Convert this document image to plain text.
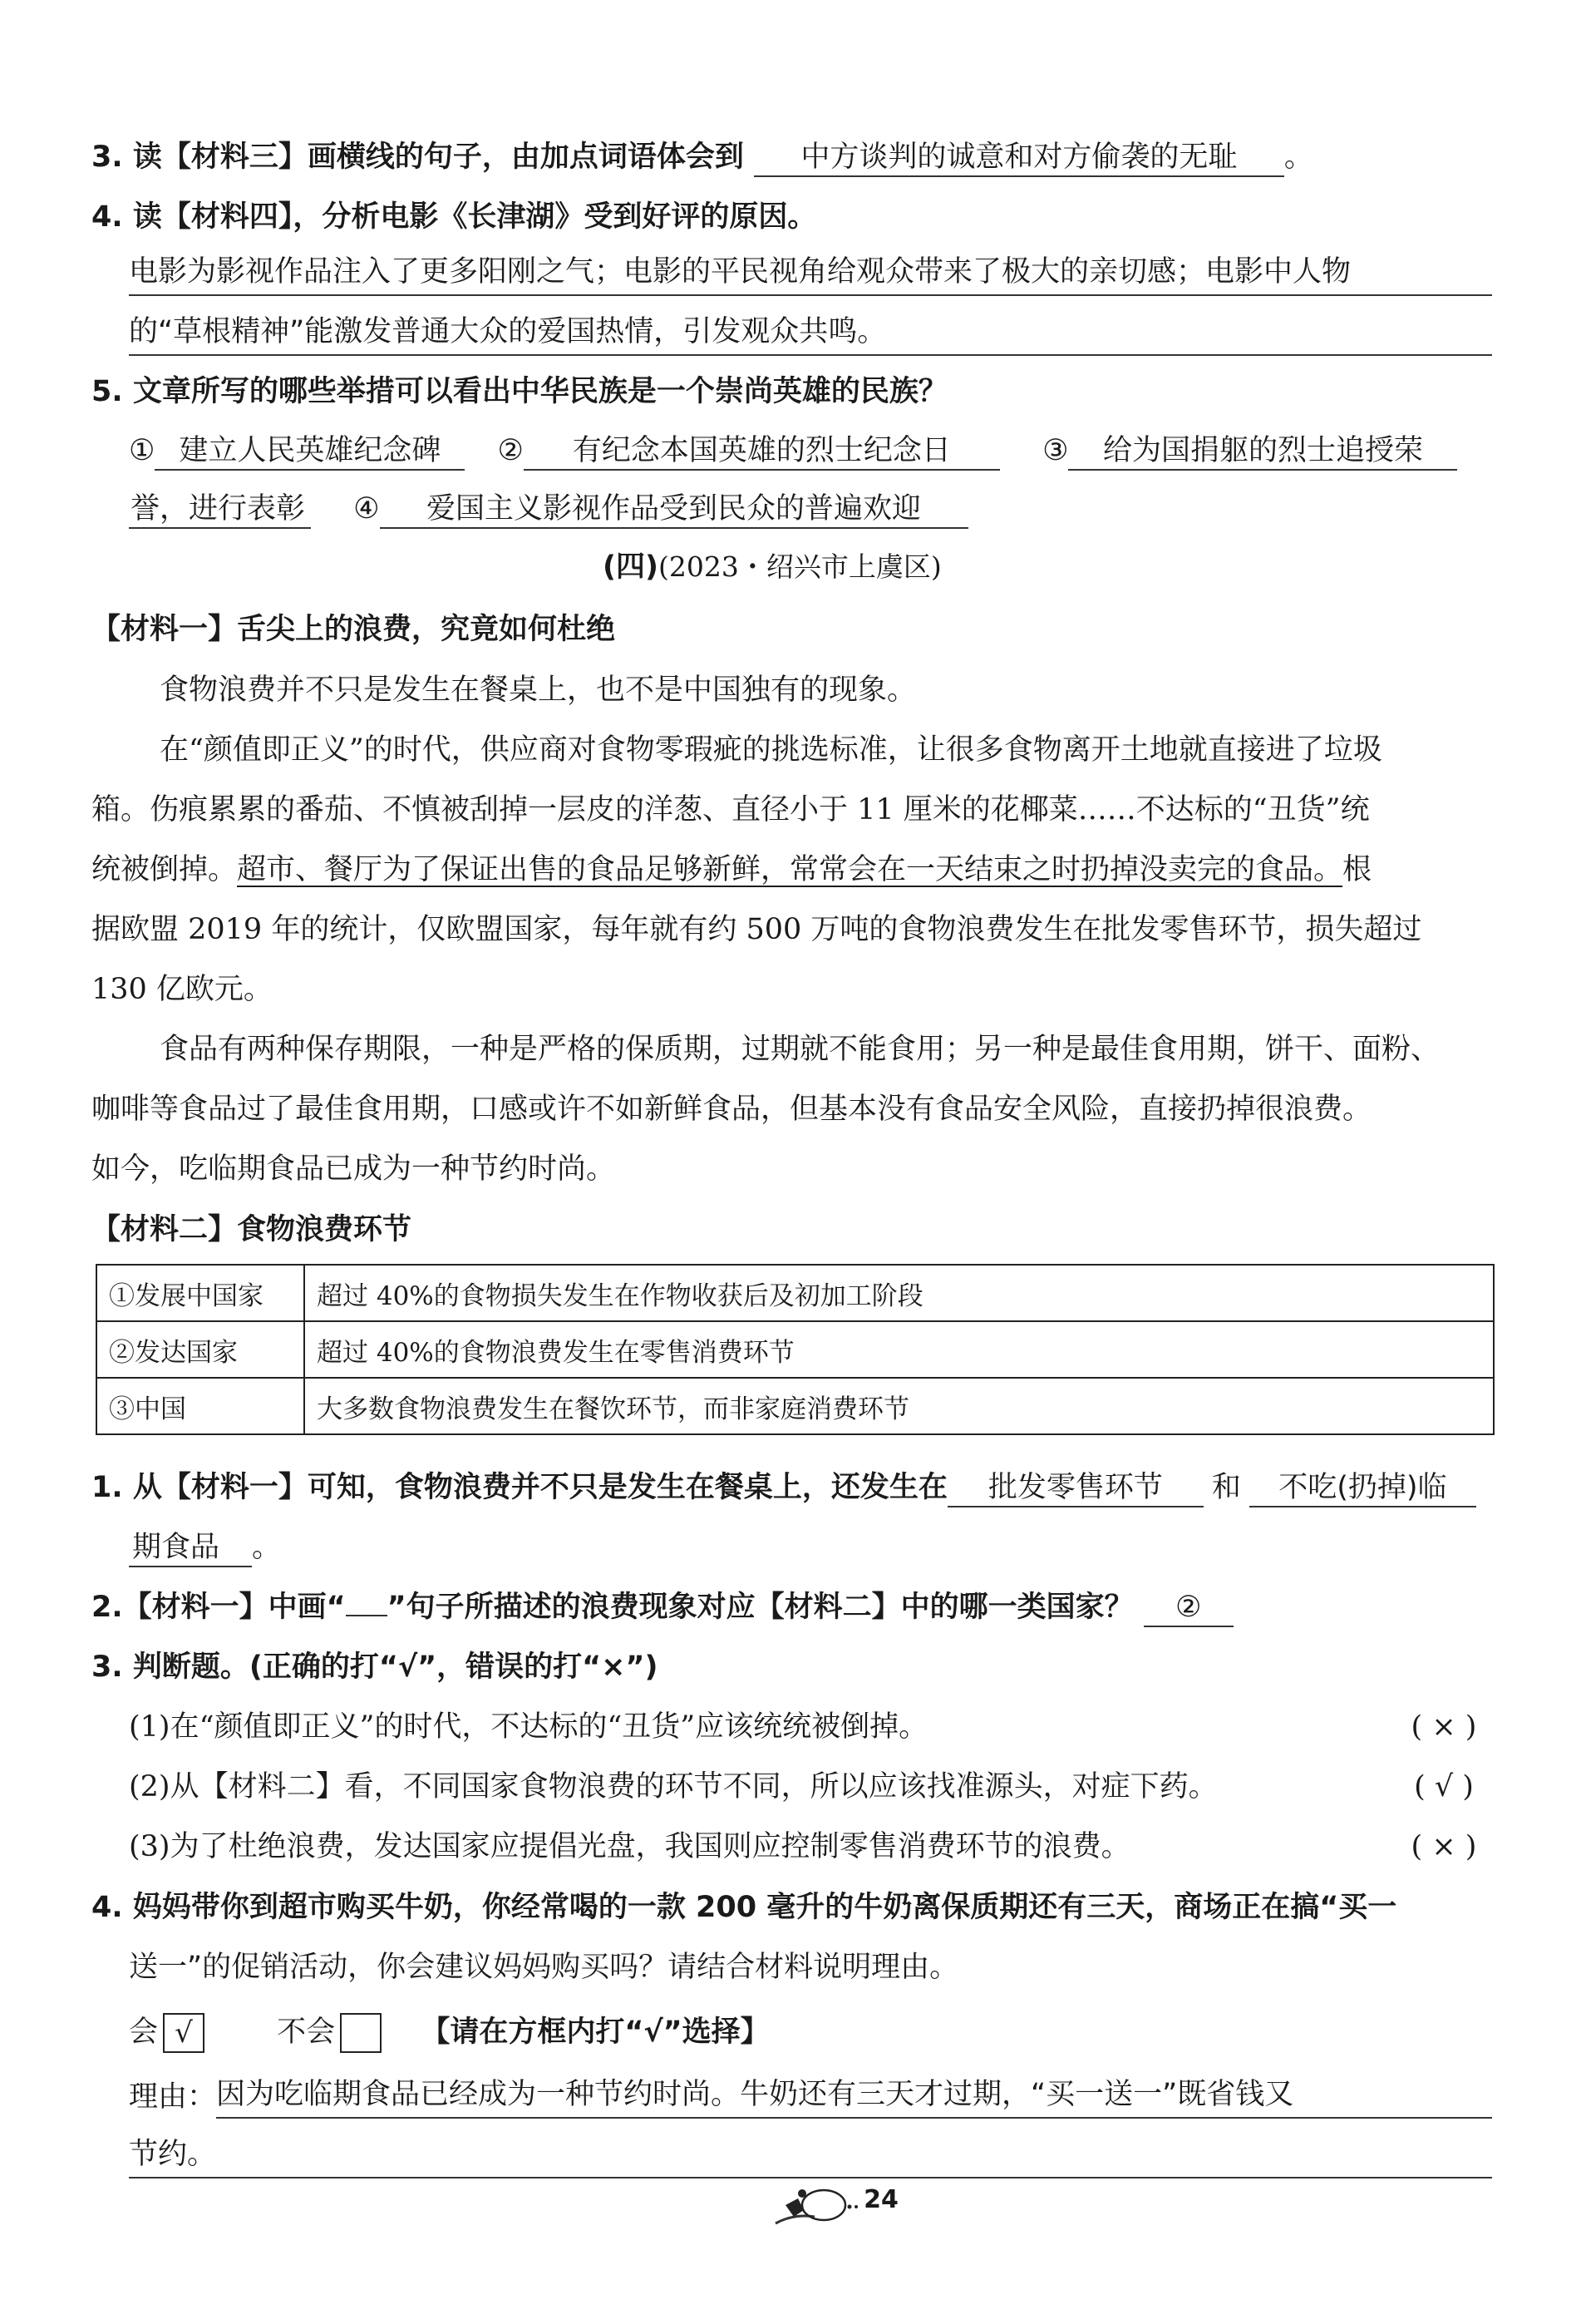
3. 读【材料三】画横线的句子，由加点词语体会到 中方谈判的诚意和对方偷袭的无耻 。
4. 读【材料四】，分析电影《长津湖》受到好评的原因。
电影为影视作品注入了更多阳刚之气；电影的平民视角给观众带来了极大的亲切感；电影中人物
的“草根精神”能激发普通大众的爱国热情，引发观众共鸣。
5. 文章所写的哪些举措可以看出中华民族是一个崇尚英雄的民族？
① 建立人民英雄纪念碑 ② 有纪念本国英雄的烈士纪念日	③ 给为国捐躯的烈士追授荣
誉，进行表彰 ④ 爱国主义影视作品受到民众的普遍欢迎
(四)(2023・绍兴市上虞区)
【材料一】舌尖上的浪费，究竟如何杜绝
食物浪费并不只是发生在餐桌上，也不是中国独有的现象。
在“颜值即正义”的时代，供应商对食物零瑕疵的挑选标准，让很多食物离开土地就直接进了垃圾
箱。伤痕累累的番茄、不慎被刮掉一层皮的洋葱、直径小于 11 厘米的花椰菜……不达标的“丑货”统
统被倒掉。超市、餐厅为了保证出售的食品足够新鲜，常常会在一天结束之时扔掉没卖完的食品。根
据欧盟 2019 年的统计，仅欧盟国家，每年就有约 500 万吨的食物浪费发生在批发零售环节，损失超过
130 亿欧元。
食品有两种保存期限，一种是严格的保质期，过期就不能食用；另一种是最佳食用期，饼干、面粉、
咖啡等食品过了最佳食用期，口感或许不如新鲜食品，但基本没有食品安全风险，直接扔掉很浪费。
如今，吃临期食品已成为一种节约时尚。
【材料二】食物浪费环节
①发展中国家	超过 40%的食物损失发生在作物收获后及初加工阶段
②发达国家	超过 40%的食物浪费发生在零售消费环节
③中国	大多数食物浪费发生在餐饮环节，而非家庭消费环节
1. 从【材料一】可知，食物浪费并不只是发生在餐桌上，还发生在 批发零售环节 和 不吃(扔掉)临
期食品 。
2.【材料一】中画“ ”句子所描述的浪费现象对应【材料二】中的哪一类国家？ ②
3. 判断题。(正确的打“√”，错误的打“×”)
(1)在“颜值即正义”的时代，不达标的“丑货”应该统统被倒掉。	( × )
(2)从【材料二】看，不同国家食物浪费的环节不同，所以应该找准源头，对症下药。	( √ )
(3)为了杜绝浪费，发达国家应提倡光盘，我国则应控制零售消费环节的浪费。	( × )
4. 妈妈带你到超市购买牛奶，你经常喝的一款 200 毫升的牛奶离保质期还有三天，商场正在搞“买一
送一”的促销活动，你会建议妈妈购买吗？请结合材料说明理由。
会 √	不会	【请在方框内打“√”选择】
理由： 因为吃临期食品已经成为一种节约时尚。牛奶还有三天才过期，“买一送一”既省钱又
节约。
24
